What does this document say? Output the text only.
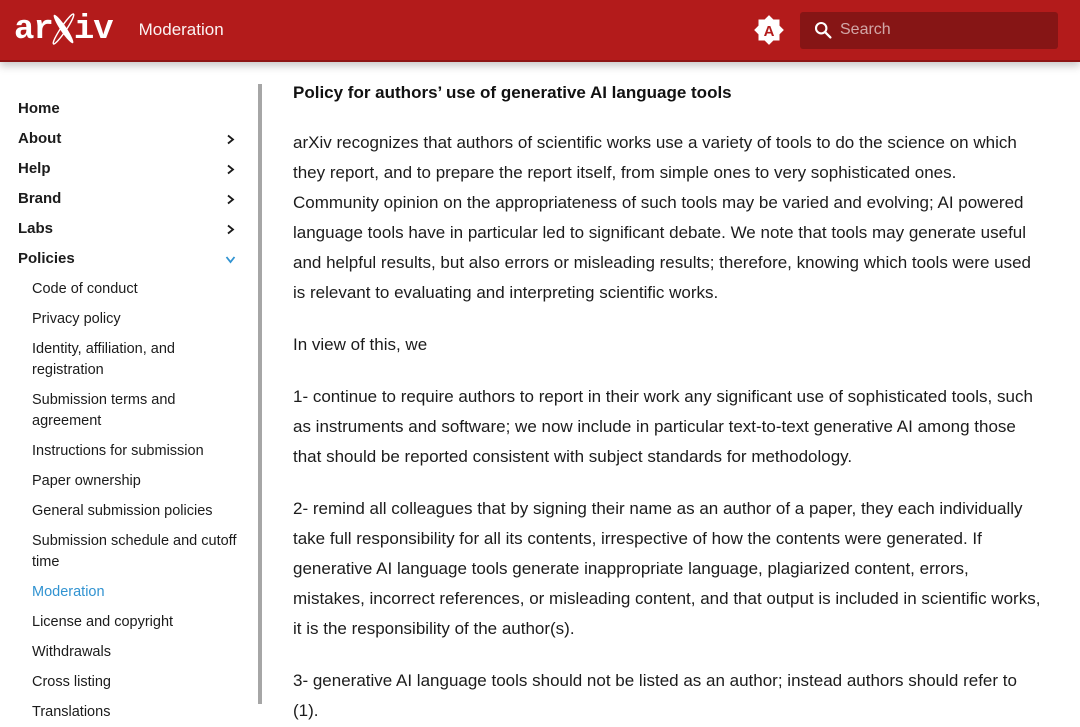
ar iv Moderation	A
Search
Home
About
Help
Brand
Labs
Policies
Code of conduct
Privacy policy
Identity, affiliation, and registration
Submission terms and agreement
Instructions for submission
Paper ownership
General submission policies
Submission schedule and cutoff time
Moderation
License and copyright
Withdrawals
Cross listing
Translations
Policy for authors’ use of generative AI language tools

arXiv recognizes that authors of scientific works use a variety of tools to do the science on which they report, and to prepare the report itself, from simple ones to very sophisticated ones. Community opinion on the appropriateness of such tools may be varied and evolving; AI powered language tools have in particular led to significant debate. We note that tools may generate useful and helpful results, but also errors or misleading results; therefore, knowing which tools were used is relevant to evaluating and interpreting scientific works.

In view of this, we

1- continue to require authors to report in their work any significant use of sophisticated tools, such as instruments and software; we now include in particular text-to-text generative AI among those that should be reported consistent with subject standards for methodology.

2- remind all colleagues that by signing their name as an author of a paper, they each individually take full responsibility for all its contents, irrespective of how the contents were generated. If generative AI language tools generate inappropriate language, plagiarized content, errors, mistakes, incorrect references, or misleading content, and that output is included in scientific works, it is the responsibility of the author(s).

3- generative AI language tools should not be listed as an author; instead authors should refer to (1).
